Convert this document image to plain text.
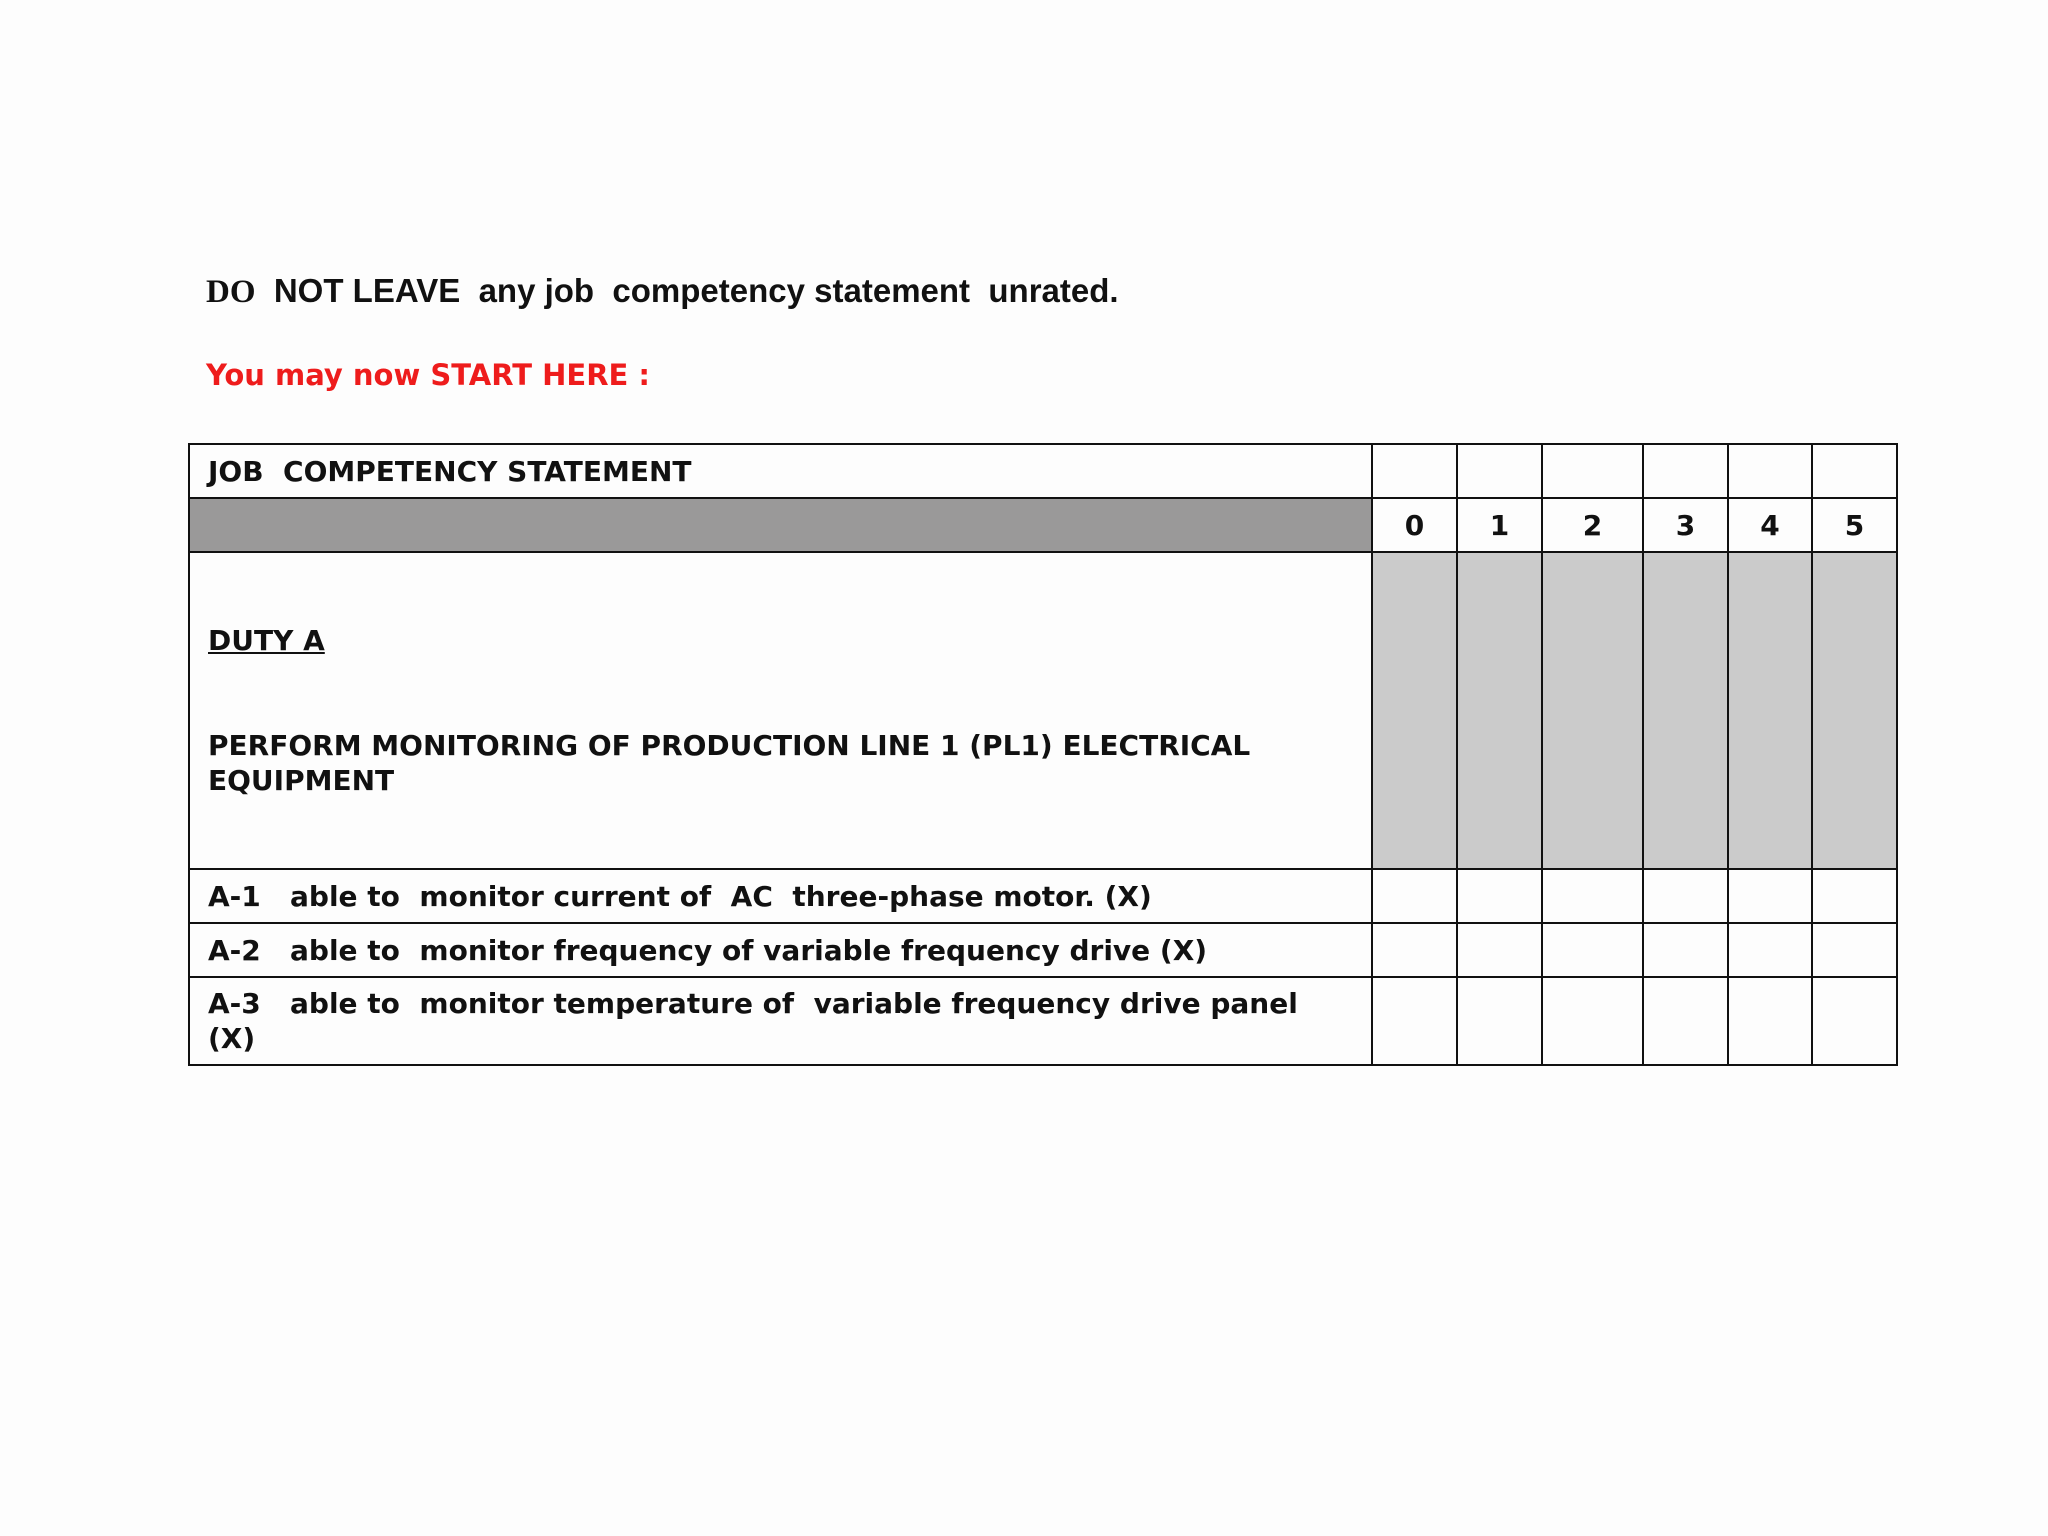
DO  NOT LEAVE  any job  competency statement  unrated.
You may now START HERE :
JOB  COMPETENCY STATEMENT						
	0	1	2	3	4	5

DUTY A

PERFORM MONITORING OF PRODUCTION LINE 1 (PL1) ELECTRICAL EQUIPMENT						

A-1   able to  monitor current of  AC  three-phase motor. (X)						
A-2   able to  monitor frequency of variable frequency drive (X)						
A-3   able to  monitor temperature of  variable frequency drive panel (X)						
